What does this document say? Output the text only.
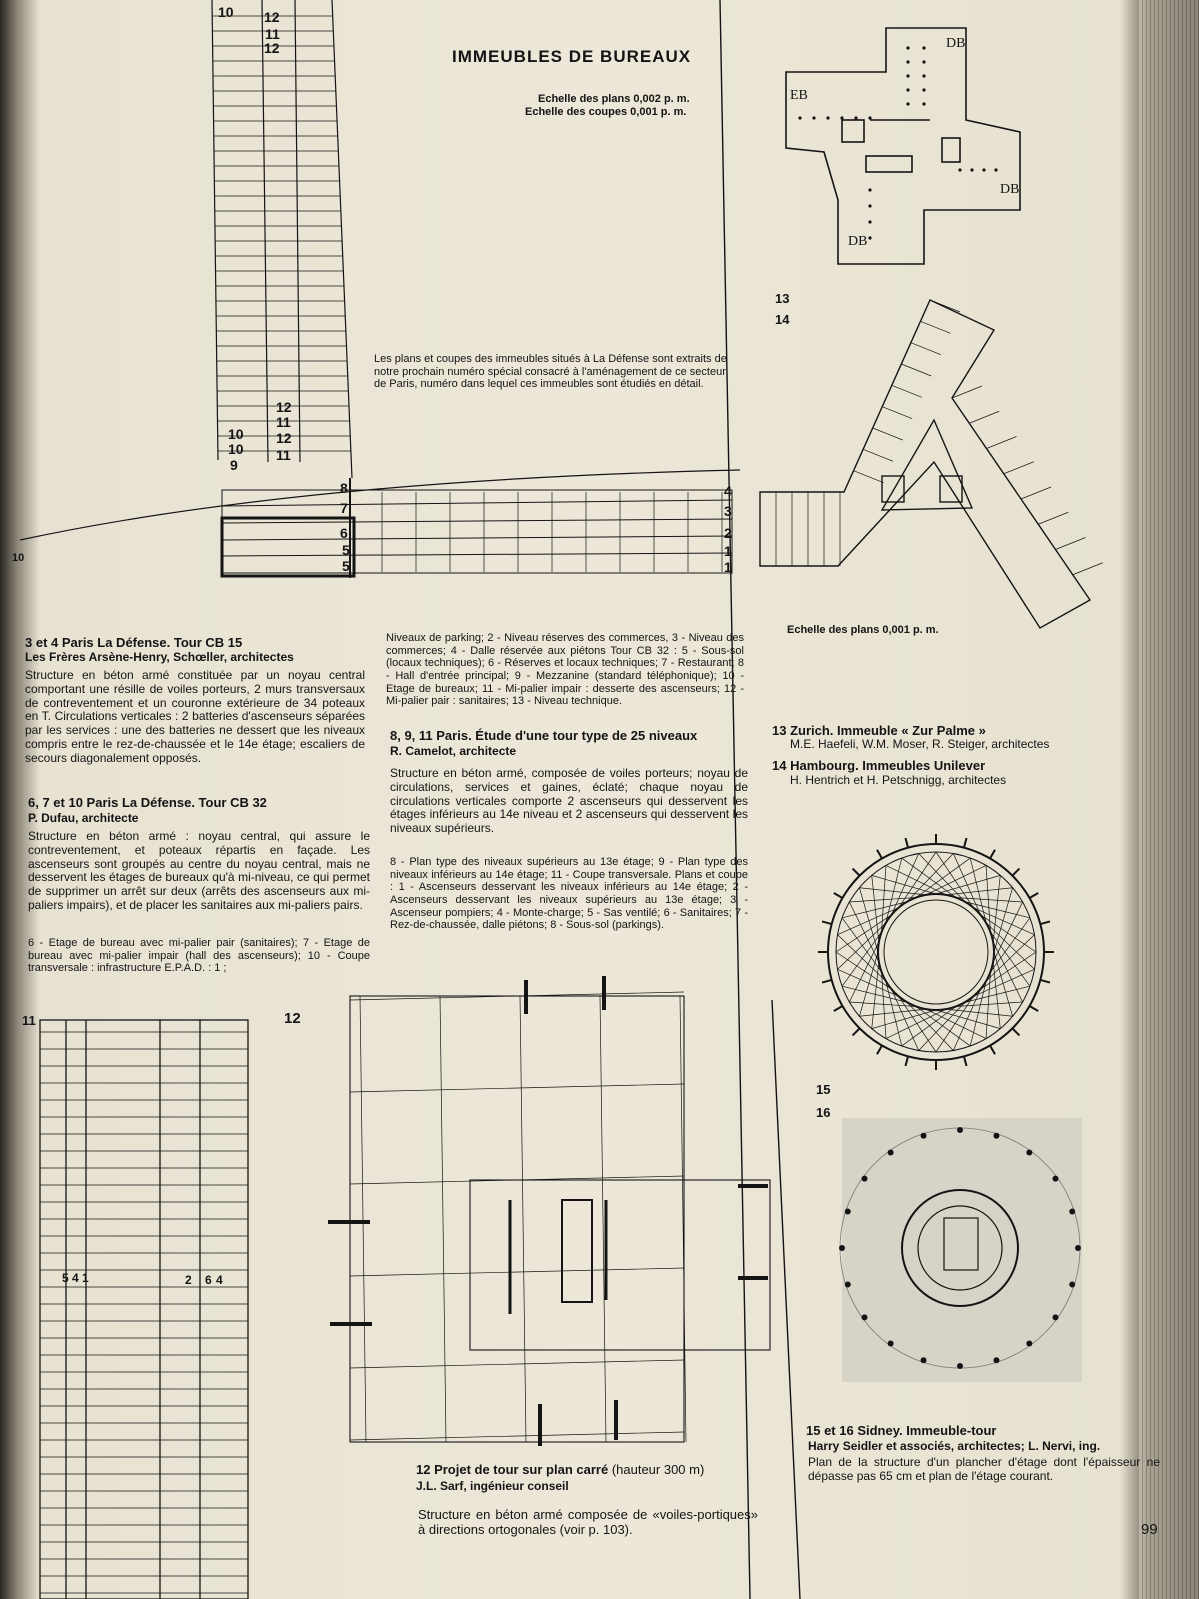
IMMEUBLES DE BUREAUX
Echelle des plans 0,002 p. m.
Echelle des coupes 0,001 p. m.
Les plans et coupes des immeubles situés à La Défense sont extraits de notre prochain numéro spécial consacré à l'aménagement de ce secteur de Paris, numéro dans lequel ces immeubles sont étudiés en détail.
10 12
11
12
12
11
12
10
10 11
9
4
3
2
1
1
8
7
6
5
5
10
DB
EB
DB
DB
13
14
Echelle des plans 0,001 p. m.
3 et 4 Paris La Défense. Tour CB 15
Les Frères Arsène-Henry, Schœller, architectes
Structure en béton armé constituée par un noyau central comportant une résille de voiles porteurs, 2 murs transversaux de contreventement et un couronne extérieure de 34 poteaux en T. Circulations verticales : 2 batteries d'ascenseurs séparées par les services : une des batteries ne dessert que les niveaux compris entre le rez-de-chaussée et le 14e étage; escaliers de secours diagonalement opposés.
6, 7 et 10 Paris La Défense. Tour CB 32
P. Dufau, architecte
Structure en béton armé : noyau central, qui assure le contreventement, et poteaux répartis en façade. Les ascenseurs sont groupés au centre du noyau central, mais ne desservent les étages de bureaux qu'à mi-niveau, ce qui permet de supprimer un arrêt sur deux (arrêts des ascenseurs aux mi-paliers impairs), et de placer les sanitaires aux mi-paliers pairs.
6 - Etage de bureau avec mi-palier pair (sanitaires); 7 - Etage de bureau avec mi-palier impair (hall des ascenseurs); 10 - Coupe transversale : infrastructure E.P.A.D. : 1 ;
Niveaux de parking; 2 - Niveau réserves des commerces, 3 - Niveau des commerces; 4 - Dalle réservée aux piétons Tour CB 32 : 5 - Sous-sol (locaux techniques); 6 - Réserves et locaux techniques; 7 - Restaurant; 8 - Hall d'entrée principal; 9 - Mezzanine (standard téléphonique); 10 - Etage de bureaux; 11 - Mi-palier impair : desserte des ascenseurs; 12 - Mi-palier pair : sanitaires; 13 - Niveau technique.
8, 9, 11 Paris. Étude d'une tour type de 25 niveaux
R. Camelot, architecte
Structure en béton armé, composée de voiles porteurs; noyau de circulations, services et gaines, éclaté; chaque noyau de circulations verticales comporte 2 ascenseurs qui desservent les étages inférieurs au 14e niveau et 2 ascenseurs qui desservent les niveaux supérieurs.
8 - Plan type des niveaux supérieurs au 13e étage; 9 - Plan type des niveaux inférieurs au 14e étage; 11 - Coupe transversale. Plans et coupe : 1 - Ascenseurs desservant les niveaux inférieurs au 14e étage; 2 - Ascenseurs desservant les niveaux supérieurs au 13e étage; 3 - Ascenseur pompiers; 4 - Monte-charge; 5 - Sas ventilé; 6 - Sanitaires; 7 - Rez-de-chaussée, dalle piétons; 8 - Sous-sol (parkings).
13 Zurich. Immeuble « Zur Palme »
M.E. Haefeli, W.M. Moser, R. Steiger, architectes
14 Hambourg. Immeubles Unilever
H. Hentrich et H. Petschnigg, architectes
11
5 4 1	2 6 4
12
15
16
12 Projet de tour sur plan carré (hauteur 300 m)
J.L. Sarf, ingénieur conseil
Structure en béton armé composée de «voiles-portiques» à directions ortogonales (voir p. 103).
15 et 16 Sidney. Immeuble-tour
Harry Seidler et associés, architectes; L. Nervi, ing.
Plan de la structure d'un plancher d'étage dont l'épaisseur ne dépasse pas 65 cm et plan de l'étage courant.
99
